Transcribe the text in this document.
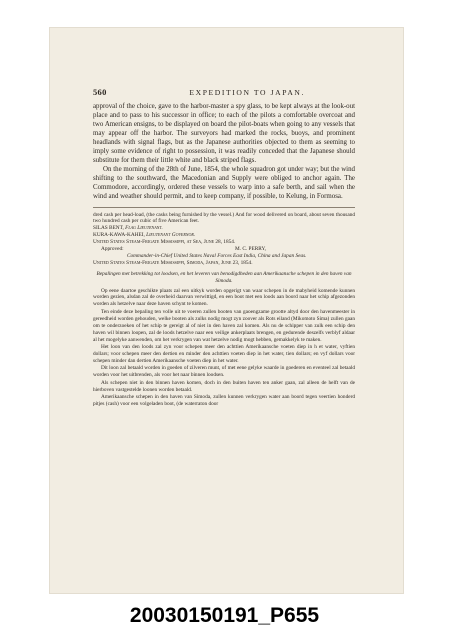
560	EXPEDITION TO JAPAN.

approval of the choice, gave to the harbor-master a spy glass, to be kept always at the look-out place and to pass to his successor in office; to each of the pilots a comfortable overcoat and two American ensigns, to be displayed on board the pilot-boats when going to any vessels that may appear off the harbor. The surveyors had marked the rocks, buoys, and prominent headlands with signal flags, but as the Japanese authorities objected to them as seeming to imply some evidence of right to possession, it was readily conceded that the Japanese should substitute for them their little white and black striped flags.

On the morning of the 28th of June, 1854, the whole squadron got under way; but the wind shifting to the southward, the Macedonian and Supply were obliged to anchor again. The Commodore, accordingly, ordered these vessels to warp into a safe berth, and sail when the wind and weather should permit, and to keep company, if possible, to Kelung, in Formosa.

dred cash per head-load, (the casks being furnished by the vessel.) And for wood delivered on board, about seven thousand two hundred cash per cubic of five American feet.

SILAS BENT, Flag Lieutenant.

KURA-KAWA-KAHEI, Lieutenant Governor.

United States Steam-Frigate Mississippi, at Sea, June 28, 1854.

Approved:	M. C. PERRY,

Commander-in-Chief United States Naval Forces East India, China and Japan Seas.

United States Steam-Frigate Mississippi, Simoda, Japan, June 23, 1854.

Bepalingen met betrekking tot loodsen, en het leveren van benodigdheden aan Amerikaansche schepen in den haven van Simoda.

Op eene daartoe geschikte plaats zal een uitkyk worden opgerigt van waar schepen in de mabyheid komende kunnen worden gezien, alsdan zal de overheid daarvan verwittigd, en een boot met een loods aan boord naar het schip afgezonden worden als hetzelve naar deze haven schynt te komen.

Ten einde deze bepaling ten volle uit te voeren zullen booten van gaoengzame grootte altyd door den havenmeester in gereedheid worden gehouden, welke booten als zulks nodig mogt zyn zoover als Rots eiland (Mikomoto Sima) zullen gaan om te onderzoeken of het schip te gereigt al of niet in den haven zal komen. Als nu de schipper van zulk een schip den haven wil binnen loopen, zal de loods hetzelve naar een veilige ankerplaats brengen, en gedurende deszelfs verblyf aldaar al het mogelyke aanwenden, om het verkrygen van wat hetzelve nodig mogt hebben, gemakkelyk te maken.

Het loon van den loods zal zyn voor schepen meer den achttien Amerikaansche voeten diep in h et water, vyftien dollars; voor schepen meer den dertien en minder den achttien voeten diep in het water, tien dollars; en vyf dollars voor schepen minder dan dertien Amerikaansche voeten diep in het water.

Dit loon zal betaald worden in goeden of zilveren munt, of met eene gelyke waarde in goederen en eventeel zal betaald worden voor het uitbrenden, als voor het naar binnen loodsen.

Als schepen niet in den binnen haven komen, doch in den buiten haven ten anker gaan, zal alleen de helft van de hierboven vastgestelde loonen worden betaald.

Amerikaansche schepen in den haven van Simoda, zullen kunnen verkrygen water aan boord tegen veertien honderd pitjes (cash) voor een volgeladen boot, (de waterraton door

20030150191_P655
